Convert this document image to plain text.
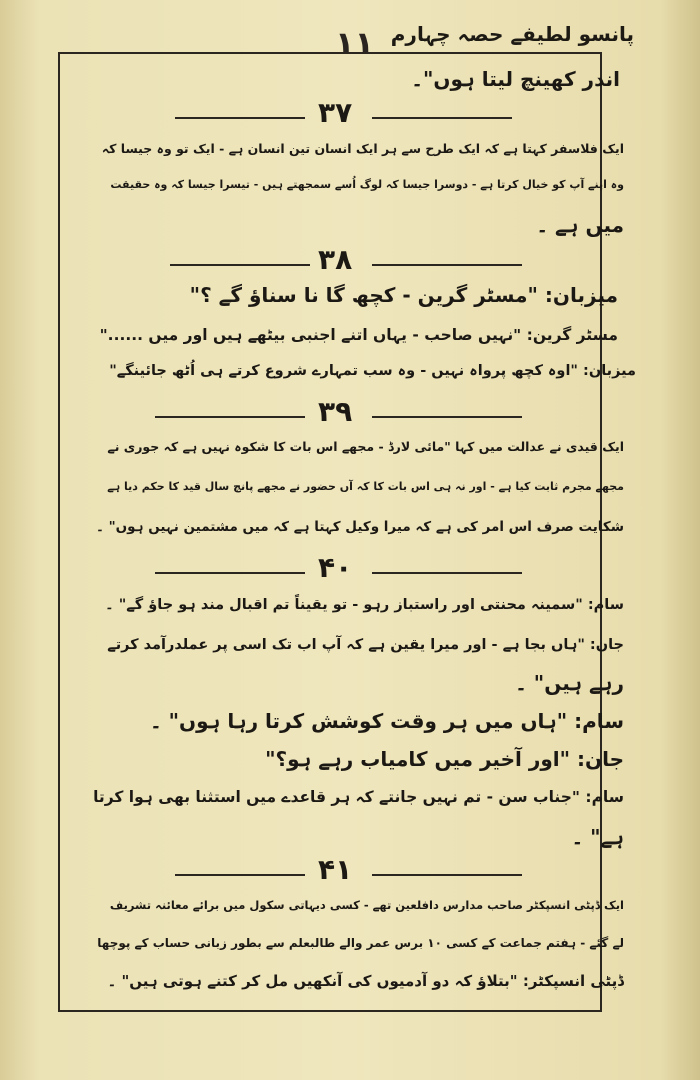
۱۱ پانسو لطیفے حصہ چہارم
اندر کھینچ لیتا ہوں"۔
۳۷
ایک فلاسفر کہتا ہے کہ ایک طرح سے ہر ایک انسان تین انسان ہے - ایک تو وہ جیسا کہ
وہ اپنے آپ کو خیال کرتا ہے - دوسرا جیسا کہ لوگ اُسے سمجھتے ہیں - تیسرا جیسا کہ وہ حقیقت
میں ہے ۔
۳۸
میزبان: "مسٹر گرین - کچھ گا نا سناؤ گے ؟"
مسٹر گرین: "نہیں صاحب - یہاں اتنے اجنبی بیٹھے ہیں اور میں ......"
میزبان: "اوہ کچھ پرواہ نہیں - وہ سب تمہارے شروع کرتے ہی اُٹھ جائینگے"
۳۹
ایک قیدی نے عدالت میں کہا "مائی لارڈ - مجھے اس بات کا شکوہ نہیں ہے کہ جوری نے
مجھے مجرم ثابت کیا ہے - اور نہ ہی اس بات کا کہ آں حضور نے مجھے پانچ سال قید کا حکم دیا ہے
شکایت صرف اس امر کی ہے کہ میرا وکیل کہتا ہے کہ میں مشتمین نہیں ہوں" ۔
۴۰
سام: "سمینہ محنتی اور راستباز رہو - تو یقیناً تم اقبال مند ہو جاؤ گے" ۔
جان: "ہاں بجا ہے - اور میرا یقین ہے کہ آپ اب تک اسی پر عملدرآمد کرتے
رہے ہیں" ۔
سام: "ہاں میں ہر وقت کوشش کرتا رہا ہوں" ۔
جان: "اور آخیر میں کامیاب رہے ہو؟"
سام: "جناب سن - تم نہیں جانتے کہ ہر قاعدے میں استثنا بھی ہوا کرتا
ہے" ۔
۴۱
ایک ڈپٹی انسپکٹر صاحب مدارس دافلعین تھے - کسی دیہاتی سکول میں برائے معائنہ تشریف
لے گئے - ہفتم جماعت کے کسی ۱۰ برس عمر والے طالبعلم سے بطور زبانی حساب کے پوچھا
ڈپٹی انسپکٹر: "بتلاؤ کہ دو آدمیوں کی آنکھیں مل کر کتنے ہوتی ہیں" ۔
